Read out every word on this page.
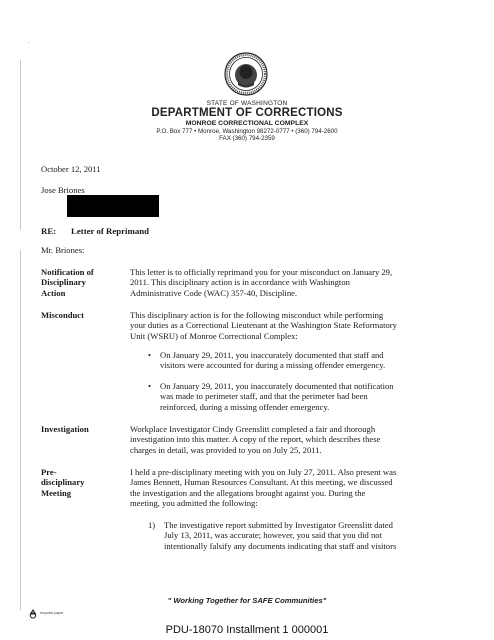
.
STATE OF WASHINGTON
DEPARTMENT OF CORRECTIONS
MONROE CORRECTIONAL COMPLEX
P.O. Box 777 • Monroe, Washington 98272-0777 • (360) 794-2600
FAX (360) 794-2359
October 12, 2011
Jose Briones
RE: Letter of Reprimand
Mr. Briones:
Notification of
Disciplinary
Action
This letter is to officially reprimand you for your misconduct on January 29,
2011. This disciplinary action is in accordance with Washington
Administrative Code (WAC) 357-40, Discipline.
Misconduct	This disciplinary action is for the following misconduct while performing
your duties as a Correctional Lieutenant at the Washington State Reformatory
Unit (WSRU) of Monroe Correctional Complex:
• On January 29, 2011, you inaccurately documented that staff and
visitors were accounted for during a missing offender emergency.
• On January 29, 2011, you inaccurately documented that notification
was made to perimeter staff, and that the perimeter had been
reinforced, during a missing offender emergency.
Investigation	Workplace Investigator Cindy Greenslitt completed a fair and thorough
investigation into this matter. A copy of the report, which describes these
charges in detail, was provided to you on July 25, 2011.
Pre-
disciplinary
Meeting
I held a pre-disciplinary meeting with you on July 27, 2011. Also present was
James Bennett, Human Resources Consultant. At this meeting, we discussed
the investigation and the allegations brought against you. During the
meeting, you admitted the following:
1) The investigative report submitted by Investigator Greenslitt dated
July 13, 2011, was accurate; however, you said that you did not
intentionally falsify any documents indicating that staff and visitors
" Working Together for SAFE Communities"
recycled paper
PDU-18070 Installment 1 000001
